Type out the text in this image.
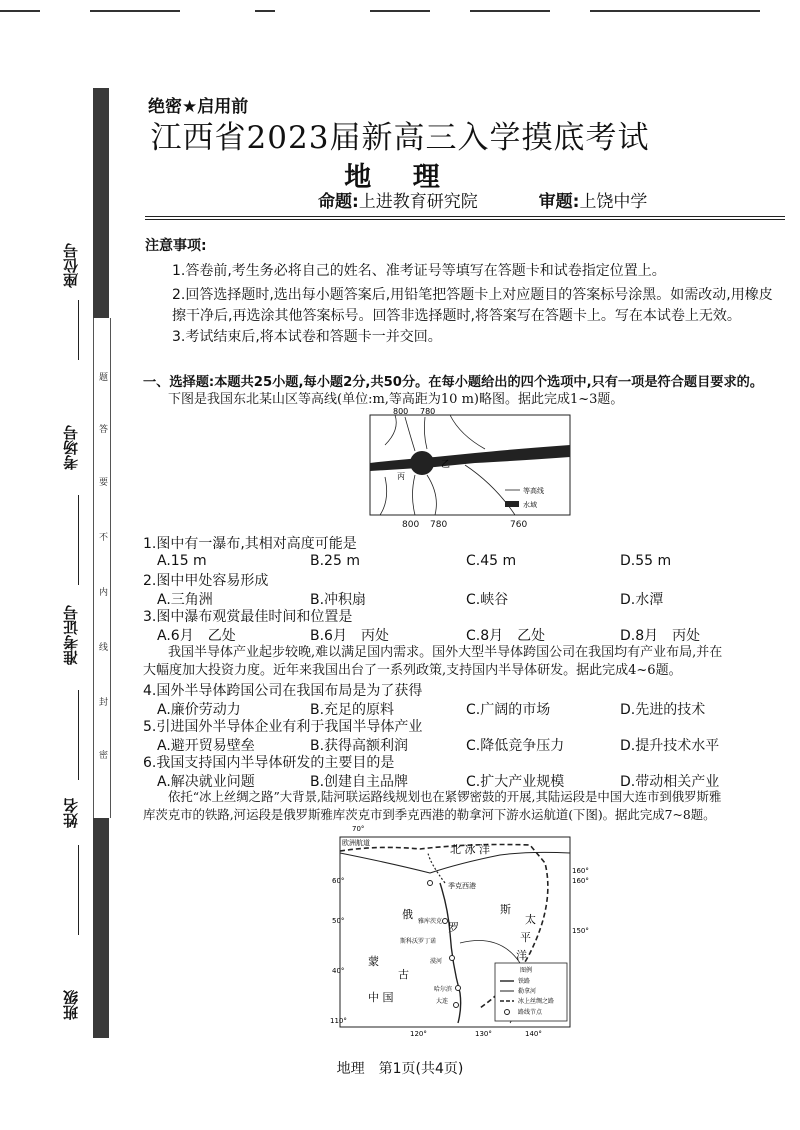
题
答
要
不
内
线
封
密
座位号
考场号
准考证号
姓名
班级
绝密★启用前
江西省2023届新高三入学摸底考试
地 理
命题:上进教育研究院	审题:上饶中学
注意事项:
1.答卷前,考生务必将自己的姓名、准考证号等填写在答题卡和试卷指定位置上。
2.回答选择题时,选出每小题答案后,用铅笔把答题卡上对应题目的答案标号涂黑。如需改动,用橡皮
擦干净后,再选涂其他答案标号。回答非选择题时,将答案写在答题卡上。写在本试卷上无效。
3.考试结束后,将本试卷和答题卡一并交回。
一、选择题:本题共25小题,每小题2分,共50分。在每小题给出的四个选项中,只有一项是符合题目要求的。
下图是我国东北某山区等高线(单位:m,等高距为10 m)略图。据此完成1~3题。
800 780
乙
丙
等高线
水域
800 780	760
1.图中有一瀑布,其相对高度可能是
A.15 m	B.25 m	C.45 m	D.55 m
2.图中甲处容易形成
A.三角洲	B.冲积扇	C.峡谷	D.水潭
3.图中瀑布观赏最佳时间和位置是
A.6月　乙处	B.6月　丙处	C.8月　乙处	D.8月　丙处
我国半导体产业起步较晚,难以满足国内需求。国外大型半导体跨国公司在我国均有产业布局,并在
大幅度加大投资力度。近年来我国出台了一系列政策,支持国内半导体研发。据此完成4~6题。
4.国外半导体跨国公司在我国布局是为了获得
A.廉价劳动力	B.充足的原料	C.广阔的市场	D.先进的技术
5.引进国外半导体企业有利于我国半导体产业
A.避开贸易壁垒	B.获得高额利润	C.降低竞争压力	D.提升技术水平
6.我国支持国内半导体研发的主要目的是
A.解决就业问题	B.创建自主品牌	C.扩大产业规模	D.带动相关产业
依托“冰上丝绸之路”大背景,陆河联运路线规划也在紧锣密鼓的开展,其陆运段是中国大连市到俄罗斯雅
库茨克市的铁路,河运段是俄罗斯雅库茨克市到季克西港的勒拿河下游水运航道(下图)。据此完成7~8题。
70°
60°
50°
40°
110°
120°	130°	140°
150°
160°
160°
欧洲航道	北 冰 洋
季克西港
俄
罗
斯
雅库茨克	太
平
洋
斯科沃罗丁诺
漠河
蒙
古
哈尔滨
中 国	大连
图例
铁路
勒拿河
冰上丝绸之路
路线节点
地理　第1页(共4页)
